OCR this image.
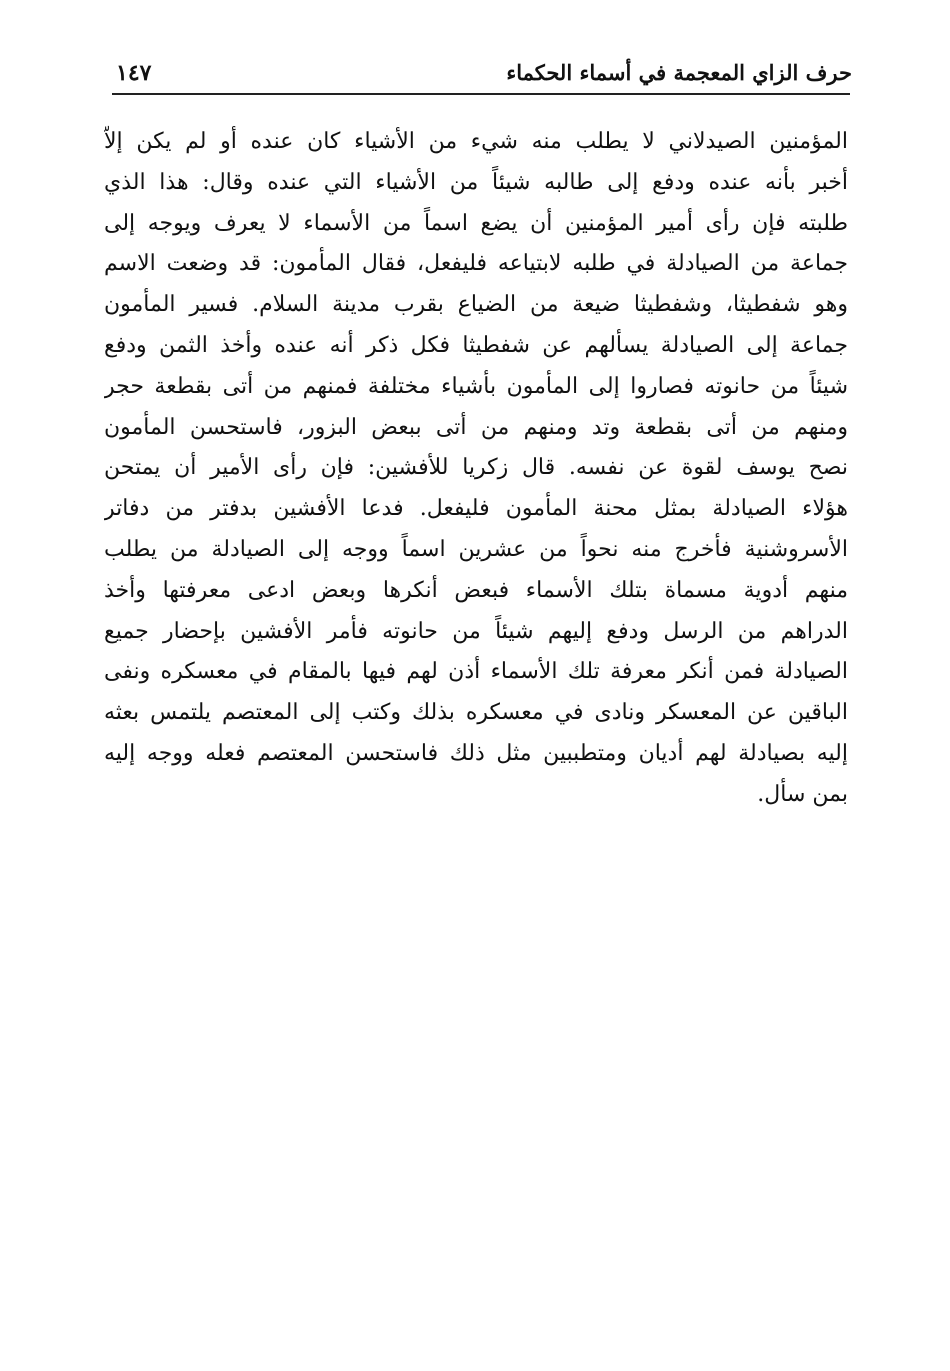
حرف الزاي المعجمة في أسماء الحكماء
١٤٧
المؤمنين الصيدلاني لا يطلب منه شيء من الأشياء كان عنده أو لم يكن إلاّ
أخبر بأنه عنده ودفع إلى طالبه شيئاً من الأشياء التي عنده وقال: هذا الذي
طلبته فإن رأى أمير المؤمنين أن يضع اسماً من الأسماء لا يعرف ويوجه إلى
جماعة من الصيادلة في طلبه لابتياعه فليفعل، فقال المأمون: قد وضعت الاسم
وهو شفطيثا، وشفطيثا ضيعة من الضياع بقرب مدينة السلام. فسير المأمون
جماعة إلى الصيادلة يسألهم عن شفطيثا فكل ذكر أنه عنده وأخذ الثمن ودفع
شيئاً من حانوته فصاروا إلى المأمون بأشياء مختلفة فمنهم من أتى بقطعة حجر
ومنهم من أتى بقطعة وتد ومنهم من أتى ببعض البزور، فاستحسن المأمون
نصح يوسف لقوة عن نفسه. قال زكريا للأفشين: فإن رأى الأمير أن يمتحن
هؤلاء الصيادلة بمثل محنة المأمون فليفعل. فدعا الأفشين بدفتر من دفاتر
الأسروشنية فأخرج منه نحواً من عشرين اسماً ووجه إلى الصيادلة من يطلب
منهم أدوية مسماة بتلك الأسماء فبعض أنكرها وبعض ادعى معرفتها وأخذ
الدراهم من الرسل ودفع إليهم شيئاً من حانوته فأمر الأفشين بإحضار جميع
الصيادلة فمن أنكر معرفة تلك الأسماء أذن لهم فيها بالمقام في معسكره ونفى
الباقين عن المعسكر ونادى في معسكره بذلك وكتب إلى المعتصم يلتمس بعثه
إليه بصيادلة لهم أديان ومتطببين مثل ذلك فاستحسن المعتصم فعله ووجه إليه
بمن سأل.
